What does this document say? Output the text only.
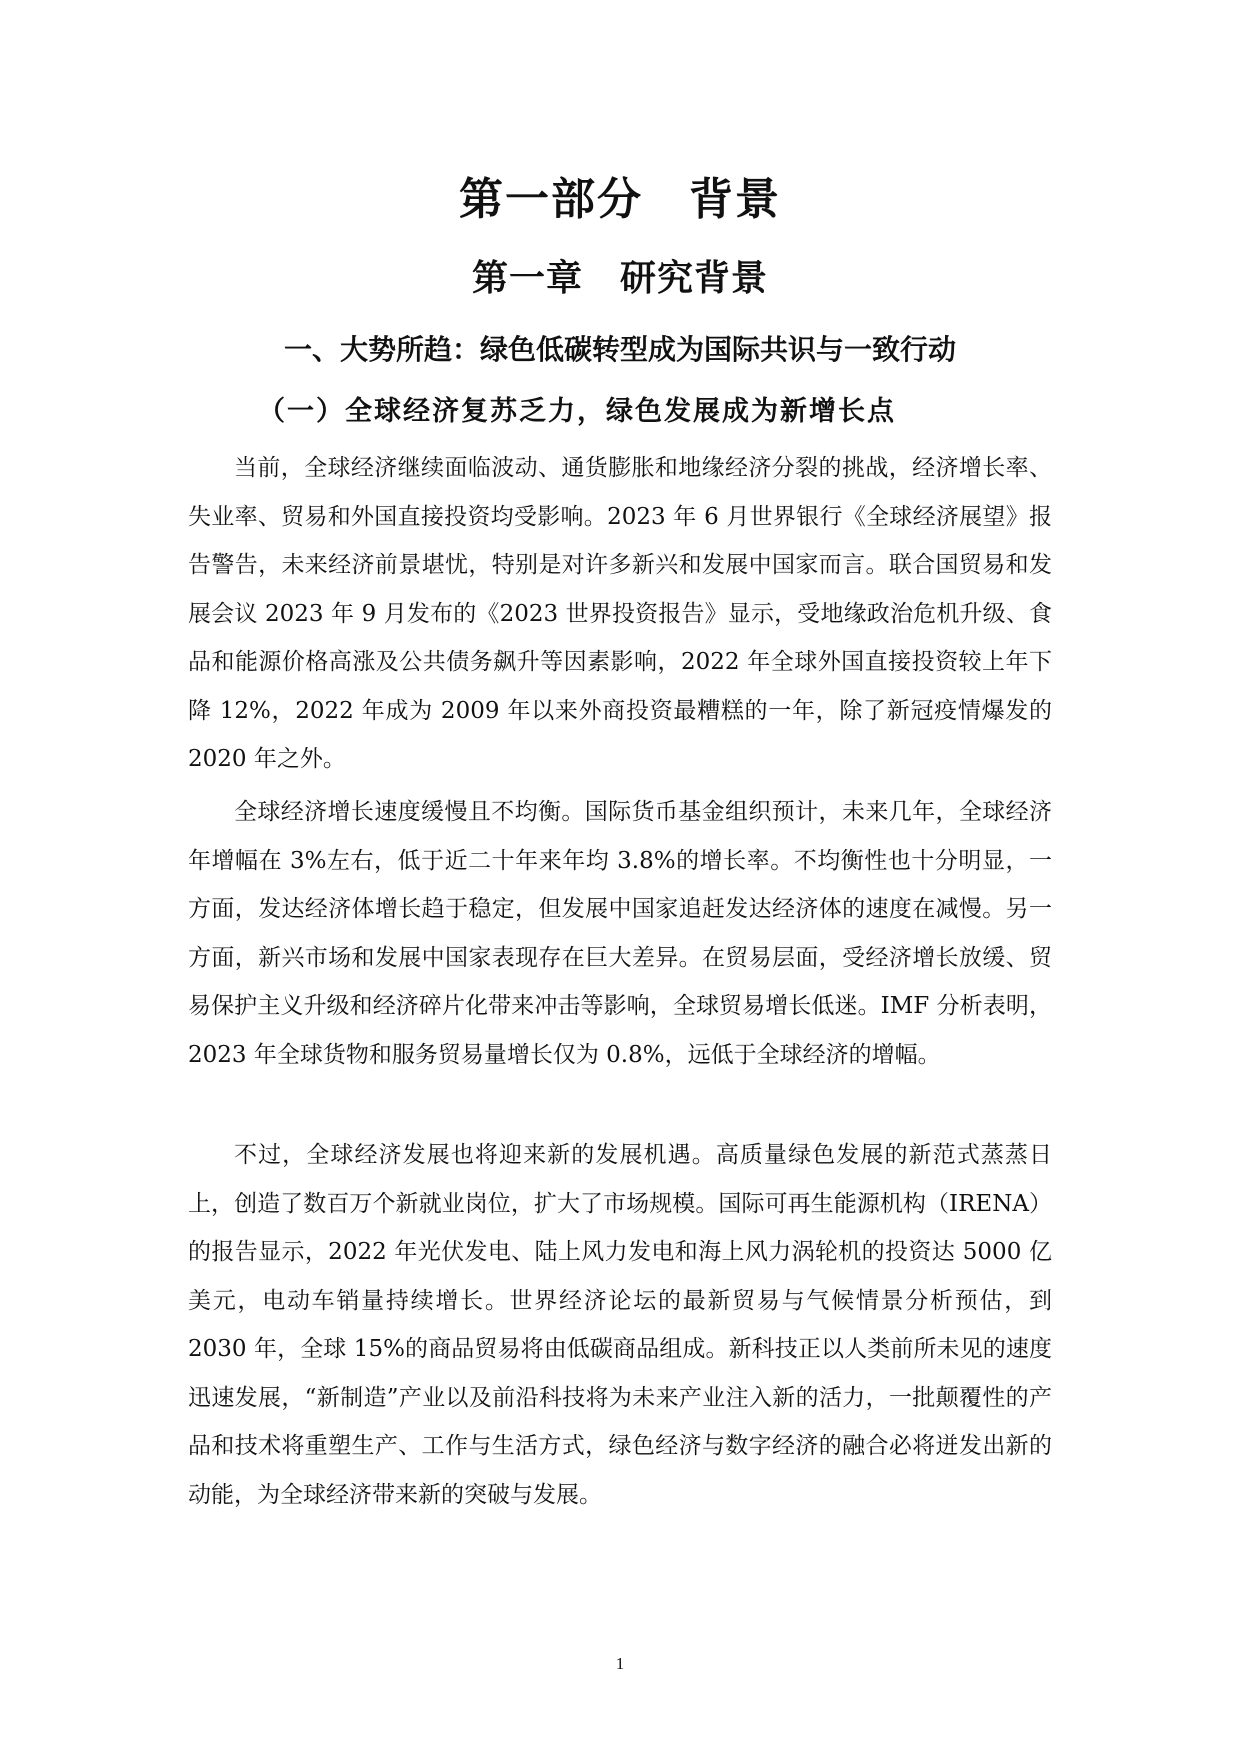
第一部分　背景
第一章　研究背景
一、大势所趋：绿色低碳转型成为国际共识与一致行动
（一）全球经济复苏乏力，绿色发展成为新增长点

当前，全球经济继续面临波动、通货膨胀和地缘经济分裂的挑战，经济增长率、失业率、贸易和外国直接投资均受影响。2023 年 6 月世界银行《全球经济展望》报告警告，未来经济前景堪忧，特别是对许多新兴和发展中国家而言。联合国贸易和发展会议 2023 年 9 月发布的《2023 世界投资报告》显示，受地缘政治危机升级、食品和能源价格高涨及公共债务飙升等因素影响，2022 年全球外国直接投资较上年下降 12%，2022 年成为 2009 年以来外商投资最糟糕的一年，除了新冠疫情爆发的 2020 年之外。

全球经济增长速度缓慢且不均衡。国际货币基金组织预计，未来几年，全球经济年增幅在 3%左右，低于近二十年来年均 3.8%的增长率。不均衡性也十分明显，一方面，发达经济体增长趋于稳定，但发展中国家追赶发达经济体的速度在减慢。另一方面，新兴市场和发展中国家表现存在巨大差异。在贸易层面，受经济增长放缓、贸易保护主义升级和经济碎片化带来冲击等影响，全球贸易增长低迷。IMF 分析表明，2023 年全球货物和服务贸易量增长仅为 0.8%，远低于全球经济的增幅。

不过，全球经济发展也将迎来新的发展机遇。高质量绿色发展的新范式蒸蒸日上，创造了数百万个新就业岗位，扩大了市场规模。国际可再生能源机构（IRENA）的报告显示，2022 年光伏发电、陆上风力发电和海上风力涡轮机的投资达 5000 亿美元，电动车销量持续增长。世界经济论坛的最新贸易与气候情景分析预估，到 2030 年，全球 15%的商品贸易将由低碳商品组成。新科技正以人类前所未见的速度迅速发展，“新制造”产业以及前沿科技将为未来产业注入新的活力，一批颠覆性的产品和技术将重塑生产、工作与生活方式，绿色经济与数字经济的融合必将迸发出新的动能，为全球经济带来新的突破与发展。

1
